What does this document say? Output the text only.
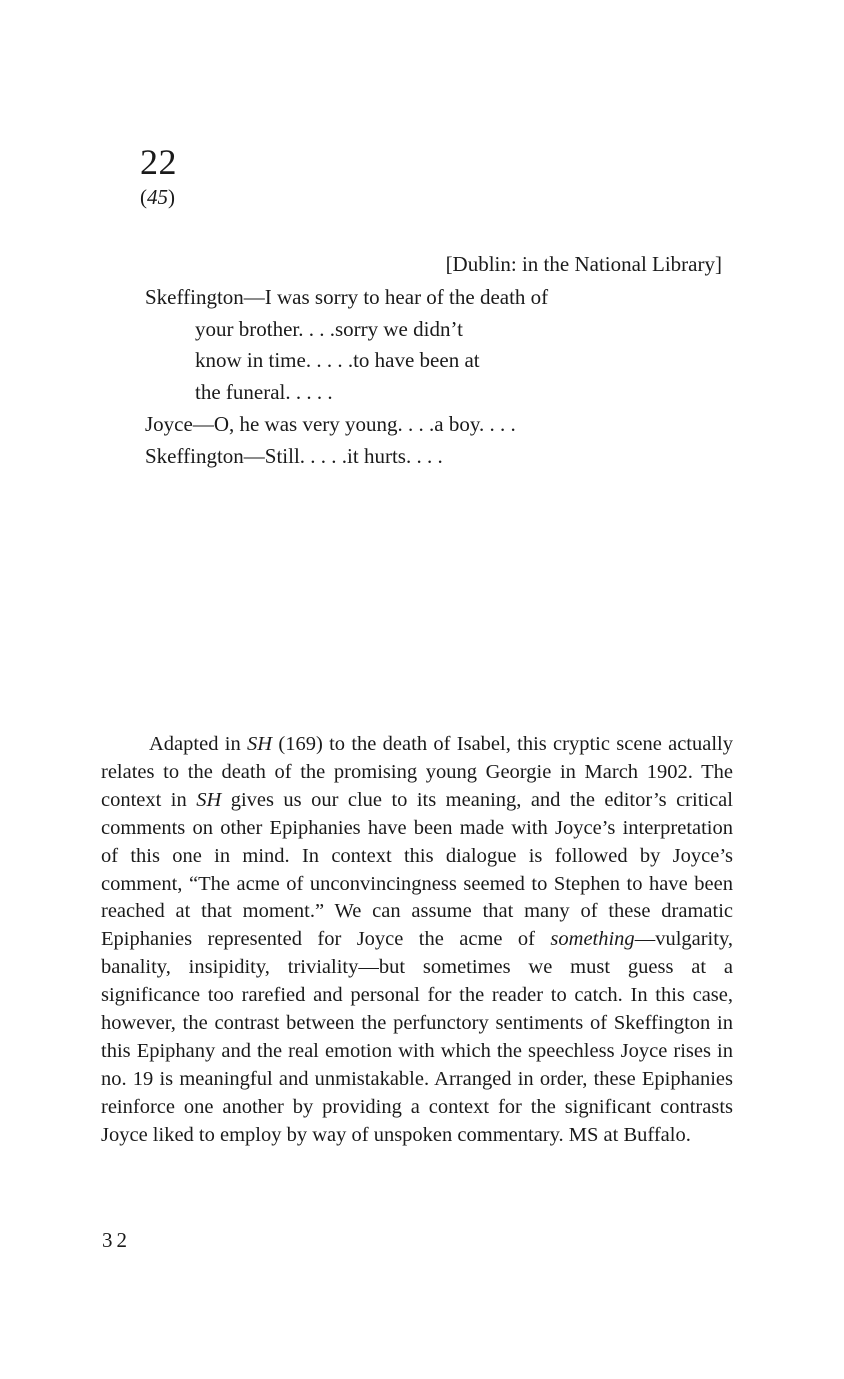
22
(45)
[Dublin: in the National Library]
Skeffington—I was sorry to hear of the death of
your brother. . . .sorry we didn’t
know in time. . . . .to have been at
the funeral. . . . .
Joyce—O, he was very young. . . .a boy. . . .
Skeffington—Still. . . . .it hurts. . . .

Adapted in SH (169) to the death of Isabel, this cryptic scene actually relates to the death of the promising young Georgie in March 1902. The context in SH gives us our clue to its meaning, and the editor’s critical comments on other Epiphanies have been made with Joyce’s interpretation of this one in mind. In context this dialogue is followed by Joyce’s comment, “The acme of unconvincingness seemed to Stephen to have been reached at that moment.” We can assume that many of these dramatic Epiphanies represented for Joyce the acme of something—vulgarity, banality, insipidity, triviality—but sometimes we must guess at a significance too rarefied and personal for the reader to catch. In this case, however, the contrast between the perfunctory sentiments of Skeffington in this Epiphany and the real emotion with which the speechless Joyce rises in no. 19 is meaningful and unmistakable. Arranged in order, these Epiphanies reinforce one another by providing a context for the significant contrasts Joyce liked to employ by way of unspoken commentary. MS at Buffalo.

32
